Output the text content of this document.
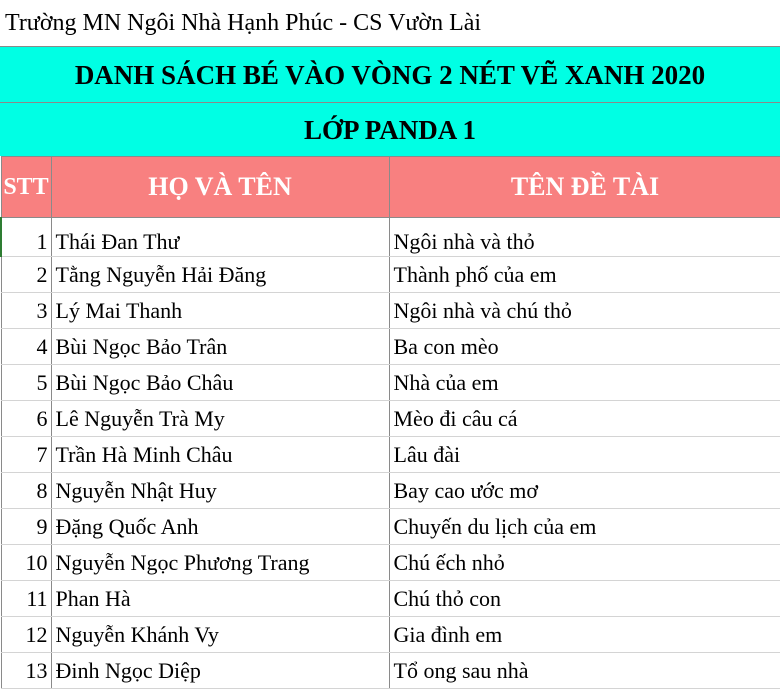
Trường MN Ngôi Nhà Hạnh Phúc - CS Vườn Lài
DANH SÁCH BÉ VÀO VÒNG 2 NÉT VẼ XANH 2020
LỚP PANDA 1
STT	HỌ VÀ TÊN	TÊN ĐỀ TÀI
1	Thái Đan Thư	Ngôi nhà và thỏ
2	Tằng Nguyễn Hải Đăng	Thành phố của em
3	Lý Mai Thanh	Ngôi nhà và chú thỏ
4	Bùi Ngọc Bảo Trân	Ba con mèo
5	Bùi Ngọc Bảo Châu	Nhà của em
6	Lê Nguyễn Trà My	Mèo đi câu cá
7	Trần Hà Minh Châu	Lâu đài
8	Nguyễn Nhật Huy	Bay cao ước mơ
9	Đặng Quốc Anh	Chuyến du lịch của em
10	Nguyễn Ngọc Phương Trang	Chú ếch nhỏ
11	Phan Hà	Chú thỏ con
12	Nguyễn Khánh Vy	Gia đình em
13	Đinh Ngọc Diệp	Tổ ong sau nhà
